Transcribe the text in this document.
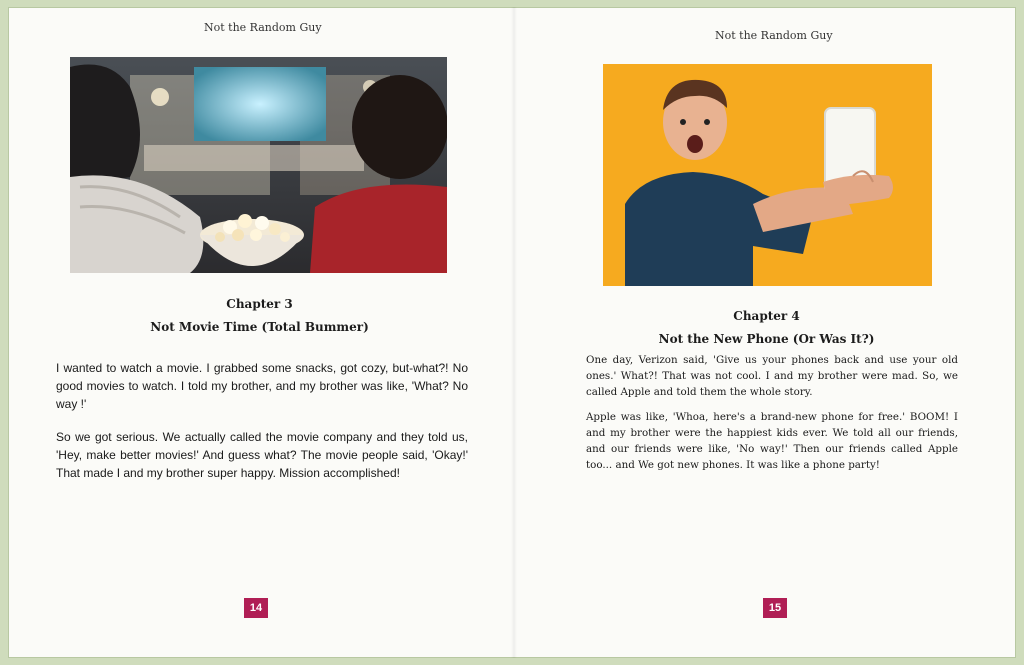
Not the Random Guy
Chapter 3
Not Movie Time (Total Bummer)

I wanted to watch a movie. I grabbed some snacks, got cozy, but-what?! No good movies to watch. I told my brother, and my brother was like, 'What? No way !'

So we got serious. We actually called the movie company and they told us, 'Hey, make better movies!' And guess what? The movie people said, 'Okay!' That made I and my brother super happy. Mission accomplished!

14
Not the Random Guy
Chapter 4
Not the New Phone (Or Was It?)

One day, Verizon said, 'Give us your phones back and use your old ones.' What?! That was not cool. I and my brother were mad. So, we called Apple and told them the whole story.

Apple was like, 'Whoa, here's a brand-new phone for free.' BOOM! I and my brother were the happiest kids ever. We told all our friends, and our friends were like, 'No way!' Then our friends called Apple too... and We got new phones. It was like a phone party!

15
